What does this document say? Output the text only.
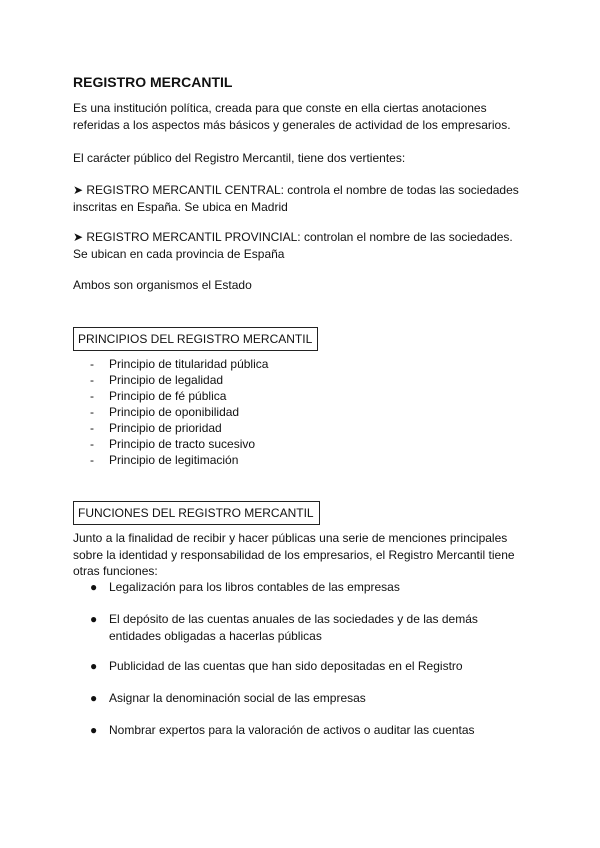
REGISTRO MERCANTIL
Es una institución política, creada para que conste en ella ciertas anotaciones
referidas a los aspectos más básicos y generales de actividad de los empresarios.
El carácter público del Registro Mercantil, tiene dos vertientes:
➤ REGISTRO MERCANTIL CENTRAL: controla el nombre de todas las sociedades
inscritas en España. Se ubica en Madrid
➤ REGISTRO MERCANTIL PROVINCIAL: controlan el nombre de las sociedades.
Se ubican en cada provincia de España
Ambos son organismos el Estado
PRINCIPIOS DEL REGISTRO MERCANTIL
- Principio de titularidad pública
- Principio de legalidad
- Principio de fé pública
- Principio de oponibilidad
- Principio de prioridad
- Principio de tracto sucesivo
- Principio de legitimación
FUNCIONES DEL REGISTRO MERCANTIL
Junto a la finalidad de recibir y hacer públicas una serie de menciones principales
sobre la identidad y responsabilidad de los empresarios, el Registro Mercantil tiene
otras funciones:
● Legalización para los libros contables de las empresas
● El depósito de las cuentas anuales de las sociedades y de las demás
entidades obligadas a hacerlas públicas
● Publicidad de las cuentas que han sido depositadas en el Registro
● Asignar la denominación social de las empresas
● Nombrar expertos para la valoración de activos o auditar las cuentas
